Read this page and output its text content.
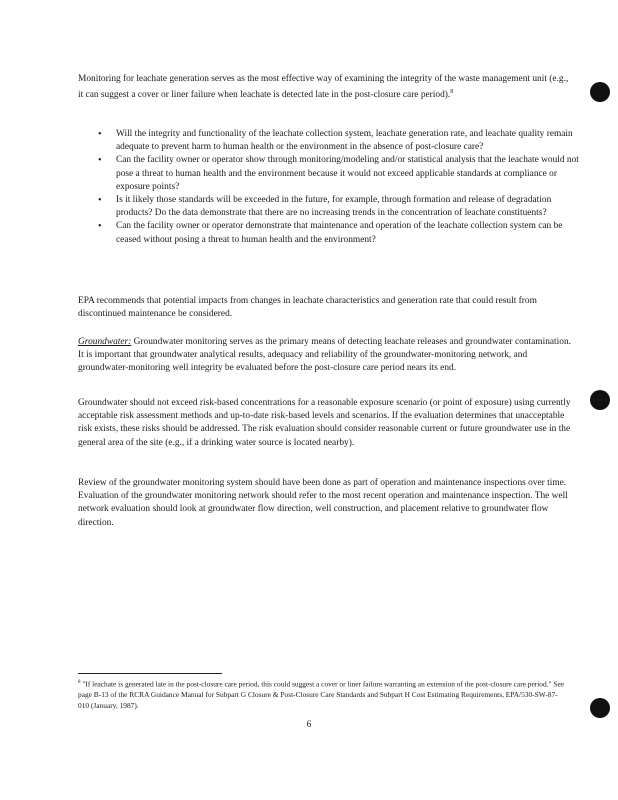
Monitoring for leachate generation serves as the most effective way of examining the integrity of the waste management unit (e.g., it can suggest a cover or liner failure when leachate is detected late in the post-closure care period).$^8$

• Will the integrity and functionality of the leachate collection system, leachate generation rate, and leachate quality remain adequate to prevent harm to human health or the environment in the absence of post-closure care?
• Can the facility owner or operator show through monitoring/modeling and/or statistical analysis that the leachate would not pose a threat to human health and the environment because it would not exceed applicable standards at compliance or exposure points?
• Is it likely those standards will be exceeded in the future, for example, through formation and release of degradation products? Do the data demonstrate that there are no increasing trends in the concentration of leachate constituents?
• Can the facility owner or operator demonstrate that maintenance and operation of the leachate collection system can be ceased without posing a threat to human health and the environment?

EPA recommends that potential impacts from changes in leachate characteristics and generation rate that could result from discontinued maintenance be considered.

Groundwater: Groundwater monitoring serves as the primary means of detecting leachate releases and groundwater contamination. It is important that groundwater analytical results, adequacy and reliability of the groundwater-monitoring network, and groundwater-monitoring well integrity be evaluated before the post-closure care period nears its end.

Groundwater should not exceed risk-based concentrations for a reasonable exposure scenario (or point of exposure) using currently acceptable risk assessment methods and up-to-date risk-based levels and scenarios. If the evaluation determines that unacceptable risk exists, these risks should be addressed. The risk evaluation should consider reasonable current or future groundwater use in the general area of the site (e.g., if a drinking water source is located nearby).

Review of the groundwater monitoring system should have been done as part of operation and maintenance inspections over time. Evaluation of the groundwater monitoring network should refer to the most recent operation and maintenance inspection. The well network evaluation should look at groundwater flow direction, well construction, and placement relative to groundwater flow direction.

$^8$ "If leachate is generated late in the post-closure care period, this could suggest a cover or liner failure warranting an extension of the post-closure care period." See page B-13 of the RCRA Guidance Manual for Subpart G Closure & Post-Closure Care Standards and Subpart H Cost Estimating Requirements, EPA/530-SW-87-010 (January, 1987).

6
